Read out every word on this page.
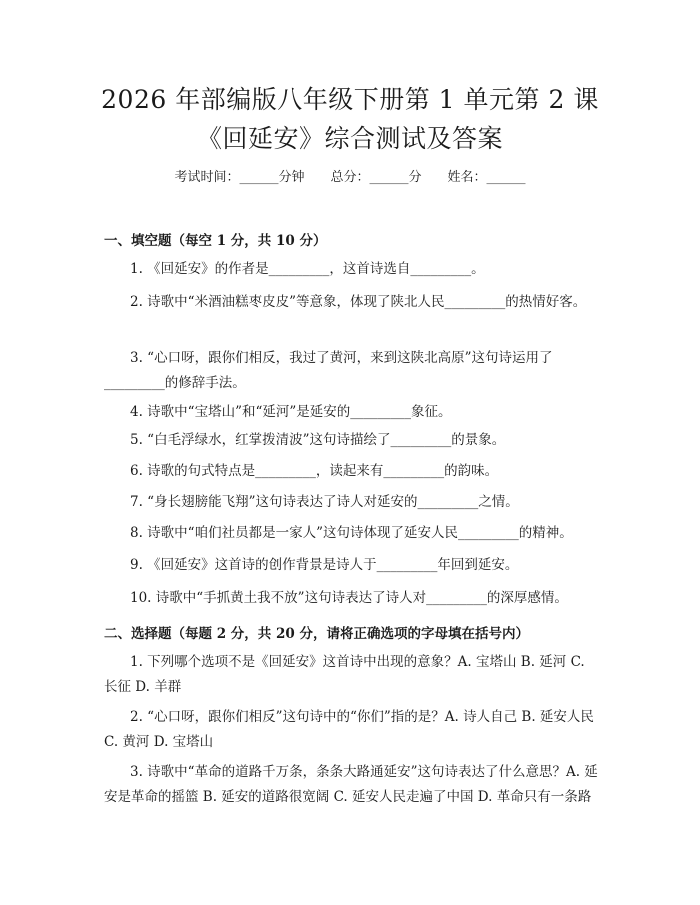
2026 年部编版八年级下册第 1 单元第 2 课
《回延安》综合测试及答案
考试时间：______分钟 总分：______分 姓名：______
一、填空题（每空 1 分，共 10 分）

1. 《回延安》的作者是_________，这首诗选自_________。

2. 诗歌中“米酒油糕枣皮皮”等意象，体现了陕北人民_________的热情好客。

3. “心口呀，跟你们相反，我过了黄河，来到这陕北高原”这句诗运用了_________的修辞手法。

4. 诗歌中“宝塔山”和“延河”是延安的_________象征。

5. “白毛浮绿水，红掌拨清波”这句诗描绘了_________的景象。

6. 诗歌的句式特点是_________，读起来有_________的韵味。

7. “身长翅膀能飞翔”这句诗表达了诗人对延安的_________之情。

8. 诗歌中“咱们社员都是一家人”这句诗体现了延安人民_________的精神。

9. 《回延安》这首诗的创作背景是诗人于_________年回到延安。

10. 诗歌中“手抓黄土我不放”这句诗表达了诗人对_________的深厚感情。

二、选择题（每题 2 分，共 20 分，请将正确选项的字母填在括号内）

1. 下列哪个选项不是《回延安》这首诗中出现的意象？A. 宝塔山 B. 延河 C. 长征 D. 羊群

2. “心口呀，跟你们相反”这句诗中的“你们”指的是？A. 诗人自己 B. 延安人民 C. 黄河 D. 宝塔山

3. 诗歌中“革命的道路千万条，条条大路通延安”这句诗表达了什么意思？A. 延安是革命的摇篮 B. 延安的道路很宽阔 C. 延安人民走遍了中国 D. 革命只有一条路
